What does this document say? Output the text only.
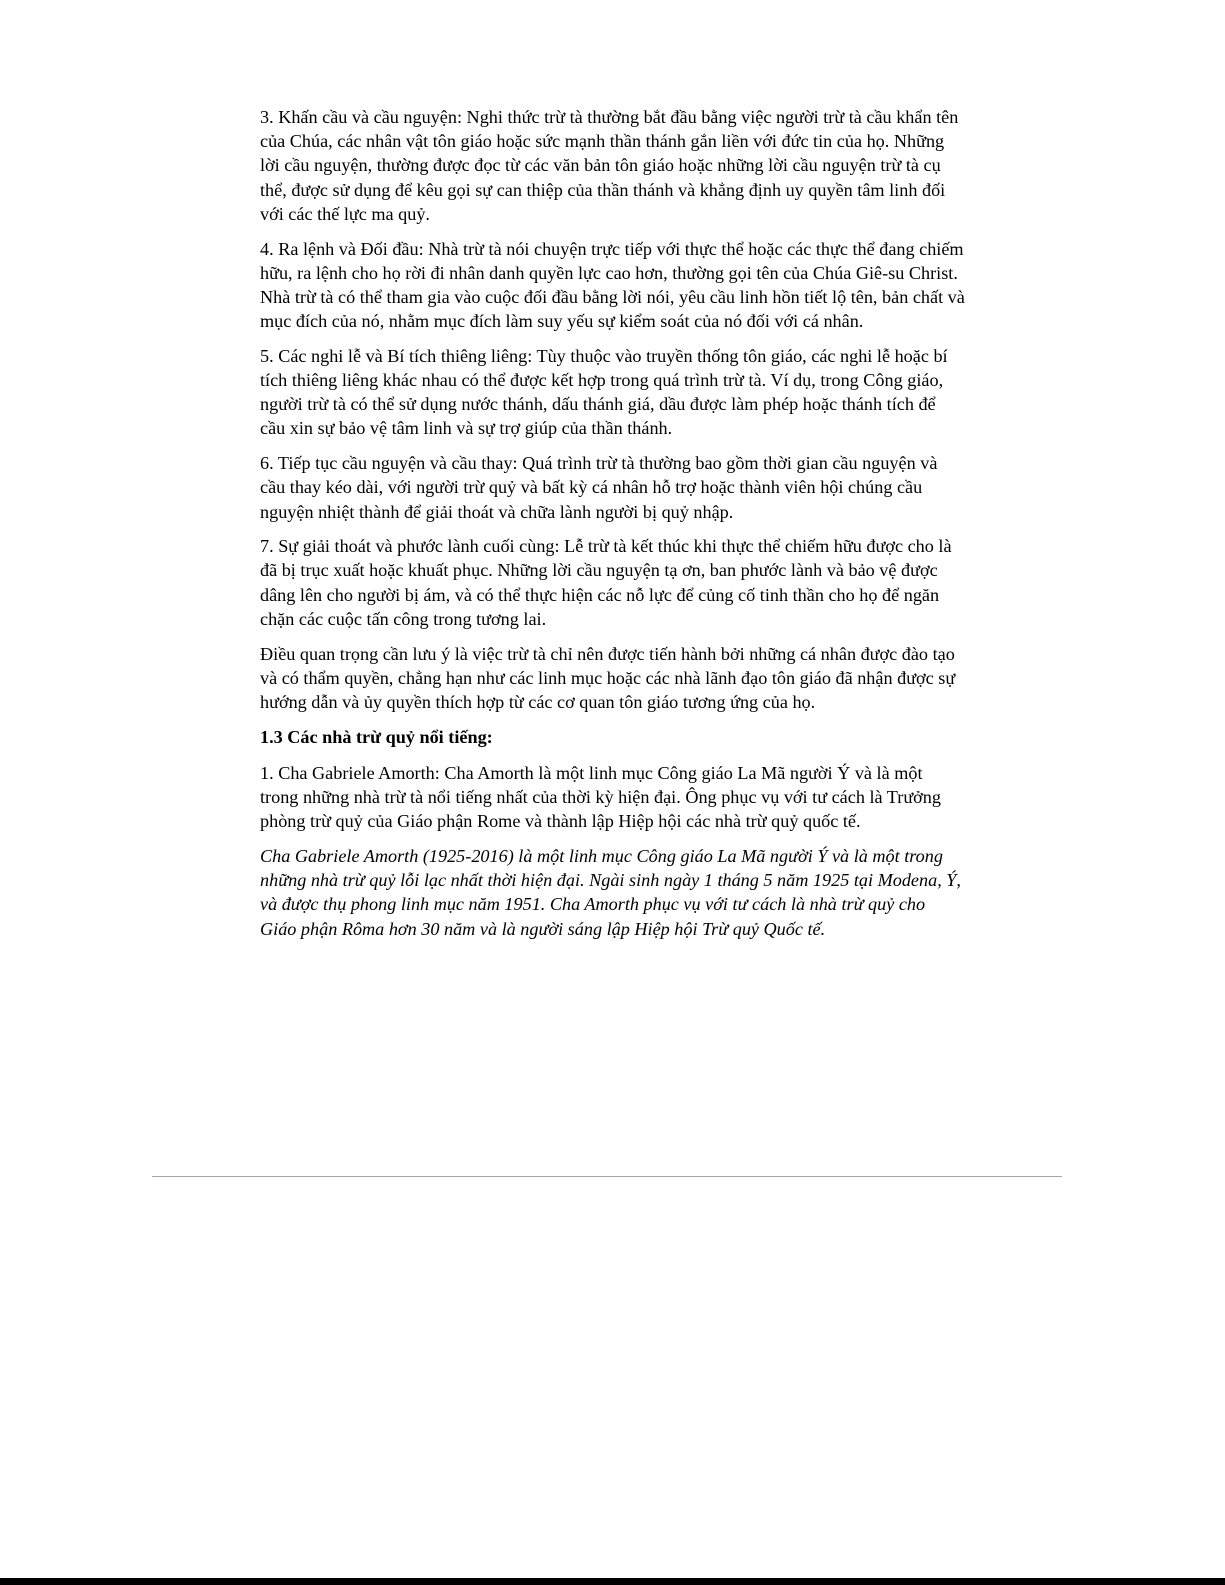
3. Khấn cầu và cầu nguyện: Nghi thức trừ tà thường bắt đầu bằng việc người trừ tà cầu khẩn tên của Chúa, các nhân vật tôn giáo hoặc sức mạnh thần thánh gắn liền với đức tin của họ. Những lời cầu nguyện, thường được đọc từ các văn bản tôn giáo hoặc những lời cầu nguyện trừ tà cụ thể, được sử dụng để kêu gọi sự can thiệp của thần thánh và khẳng định uy quyền tâm linh đối với các thế lực ma quỷ.

4. Ra lệnh và Đối đầu: Nhà trừ tà nói chuyện trực tiếp với thực thể hoặc các thực thể đang chiếm hữu, ra lệnh cho họ rời đi nhân danh quyền lực cao hơn, thường gọi tên của Chúa Giê-su Christ. Nhà trừ tà có thể tham gia vào cuộc đối đầu bằng lời nói, yêu cầu linh hồn tiết lộ tên, bản chất và mục đích của nó, nhằm mục đích làm suy yếu sự kiểm soát của nó đối với cá nhân.

5. Các nghi lễ và Bí tích thiêng liêng: Tùy thuộc vào truyền thống tôn giáo, các nghi lễ hoặc bí tích thiêng liêng khác nhau có thể được kết hợp trong quá trình trừ tà. Ví dụ, trong Công giáo, người trừ tà có thể sử dụng nước thánh, dấu thánh giá, dầu được làm phép hoặc thánh tích để cầu xin sự bảo vệ tâm linh và sự trợ giúp của thần thánh.

6. Tiếp tục cầu nguyện và cầu thay: Quá trình trừ tà thường bao gồm thời gian cầu nguyện và cầu thay kéo dài, với người trừ quỷ và bất kỳ cá nhân hỗ trợ hoặc thành viên hội chúng cầu nguyện nhiệt thành để giải thoát và chữa lành người bị quỷ nhập.

7. Sự giải thoát và phước lành cuối cùng: Lễ trừ tà kết thúc khi thực thể chiếm hữu được cho là đã bị trục xuất hoặc khuất phục. Những lời cầu nguyện tạ ơn, ban phước lành và bảo vệ được dâng lên cho người bị ám, và có thể thực hiện các nỗ lực để củng cố tinh thần cho họ để ngăn chặn các cuộc tấn công trong tương lai.

Điều quan trọng cần lưu ý là việc trừ tà chỉ nên được tiến hành bởi những cá nhân được đào tạo và có thẩm quyền, chẳng hạn như các linh mục hoặc các nhà lãnh đạo tôn giáo đã nhận được sự hướng dẫn và ủy quyền thích hợp từ các cơ quan tôn giáo tương ứng của họ.

1.3 Các nhà trừ quỷ nổi tiếng:

1. Cha Gabriele Amorth: Cha Amorth là một linh mục Công giáo La Mã người Ý và là một trong những nhà trừ tà nổi tiếng nhất của thời kỳ hiện đại. Ông phục vụ với tư cách là Trưởng phòng trừ quỷ của Giáo phận Rome và thành lập Hiệp hội các nhà trừ quỷ quốc tế.

Cha Gabriele Amorth (1925-2016) là một linh mục Công giáo La Mã người Ý và là một trong những nhà trừ quỷ lỗi lạc nhất thời hiện đại. Ngài sinh ngày 1 tháng 5 năm 1925 tại Modena, Ý, và được thụ phong linh mục năm 1951. Cha Amorth phục vụ với tư cách là nhà trừ quỷ cho Giáo phận Rôma hơn 30 năm và là người sáng lập Hiệp hội Trừ quỷ Quốc tế.
